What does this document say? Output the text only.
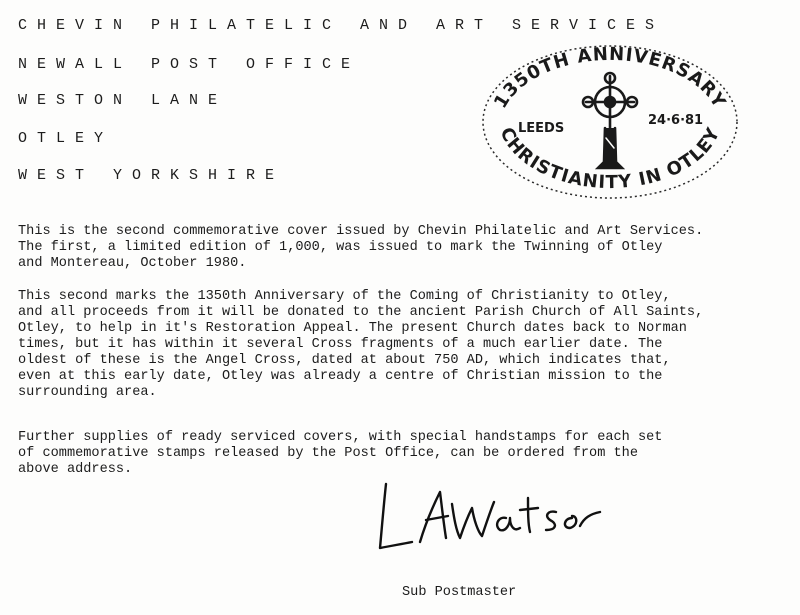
CHEVIN PHILATELIC AND ART SERVICES
NEWALL POST OFFICE
WESTON LANE
OTLEY
WEST YORKSHIRE
1350TH ANNIVERSARY
CHRISTIANITY IN OTLEY
LEEDS
24·6·81
This is the second commemorative cover issued by Chevin Philatelic and Art Services.
The first, a limited edition of 1,000, was issued to mark the Twinning of Otley
and Montereau, October 1980.
This second marks the 1350th Anniversary of the Coming of Christianity to Otley,
and all proceeds from it will be donated to the ancient Parish Church of All Saints,
Otley, to help in it's Restoration Appeal. The present Church dates back to Norman
times, but it has within it several Cross fragments of a much earlier date. The
oldest of these is the Angel Cross, dated at about 750 AD, which indicates that,
even at this early date, Otley was already a centre of Christian mission to the
surrounding area.
Further supplies of ready serviced covers, with special handstamps for each set
of commemorative stamps released by the Post Office, can be ordered from the
above address.
Sub Postmaster
